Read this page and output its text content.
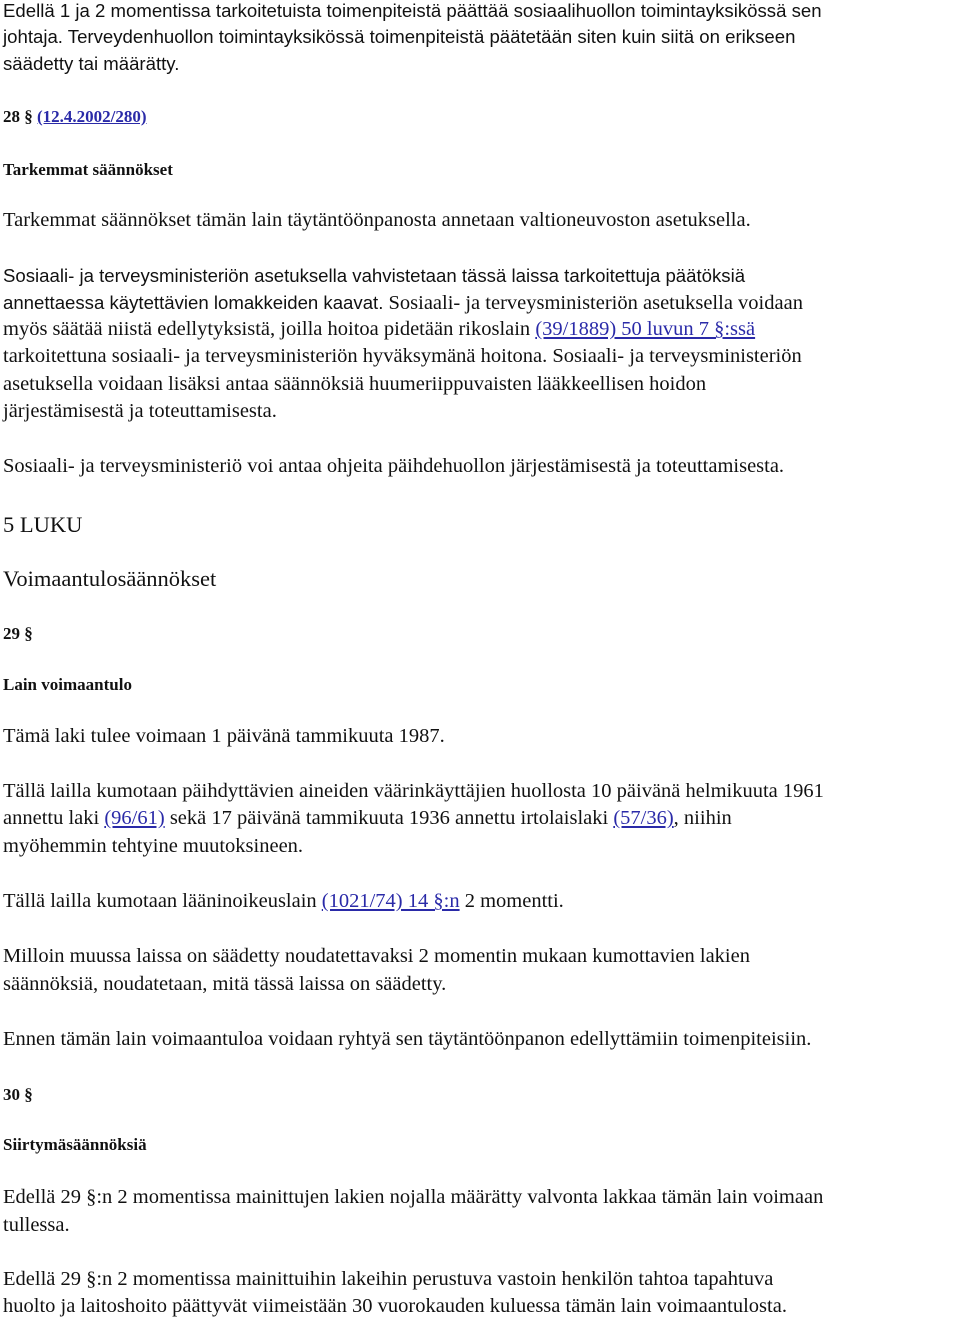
Edellä 1 ja 2 momentissa tarkoitetuista toimenpiteistä päättää sosiaalihuollon toimintayksikössä sen
johtaja. Terveydenhuollon toimintayksikössä toimenpiteistä päätetään siten kuin siitä on erikseen
säädetty tai määrätty.
28 § (12.4.2002/280)
Tarkemmat säännökset
Tarkemmat säännökset tämän lain täytäntöönpanosta annetaan valtioneuvoston asetuksella.
Sosiaali- ja terveysministeriön asetuksella vahvistetaan tässä laissa tarkoitettuja päätöksiä
annettaessa käytettävien lomakkeiden kaavat. Sosiaali- ja terveysministeriön asetuksella voidaan
myös säätää niistä edellytyksistä, joilla hoitoa pidetään rikoslain (39/1889) 50 luvun 7 §:ssä
tarkoitettuna sosiaali- ja terveysministeriön hyväksymänä hoitona. Sosiaali- ja terveysministeriön
asetuksella voidaan lisäksi antaa säännöksiä huumeriippuvaisten lääkkeellisen hoidon
järjestämisestä ja toteuttamisesta.
Sosiaali- ja terveysministeriö voi antaa ohjeita päihdehuollon järjestämisestä ja toteuttamisesta.
5 LUKU
Voimaantulosäännökset
29 §
Lain voimaantulo
Tämä laki tulee voimaan 1 päivänä tammikuuta 1987.
Tällä lailla kumotaan päihdyttävien aineiden väärinkäyttäjien huollosta 10 päivänä helmikuuta 1961
annettu laki (96/61) sekä 17 päivänä tammikuuta 1936 annettu irtolaislaki (57/36), niihin
myöhemmin tehtyine muutoksineen.
Tällä lailla kumotaan lääninoikeuslain (1021/74) 14 §:n 2 momentti.
Milloin muussa laissa on säädetty noudatettavaksi 2 momentin mukaan kumottavien lakien
säännöksiä, noudatetaan, mitä tässä laissa on säädetty.
Ennen tämän lain voimaantuloa voidaan ryhtyä sen täytäntöönpanon edellyttämiin toimenpiteisiin.
30 §
Siirtymäsäännöksiä
Edellä 29 §:n 2 momentissa mainittujen lakien nojalla määrätty valvonta lakkaa tämän lain voimaan
tullessa.
Edellä 29 §:n 2 momentissa mainittuihin lakeihin perustuva vastoin henkilön tahtoa tapahtuva
huolto ja laitoshoito päättyvät viimeistään 30 vuorokauden kuluessa tämän lain voimaantulosta.
